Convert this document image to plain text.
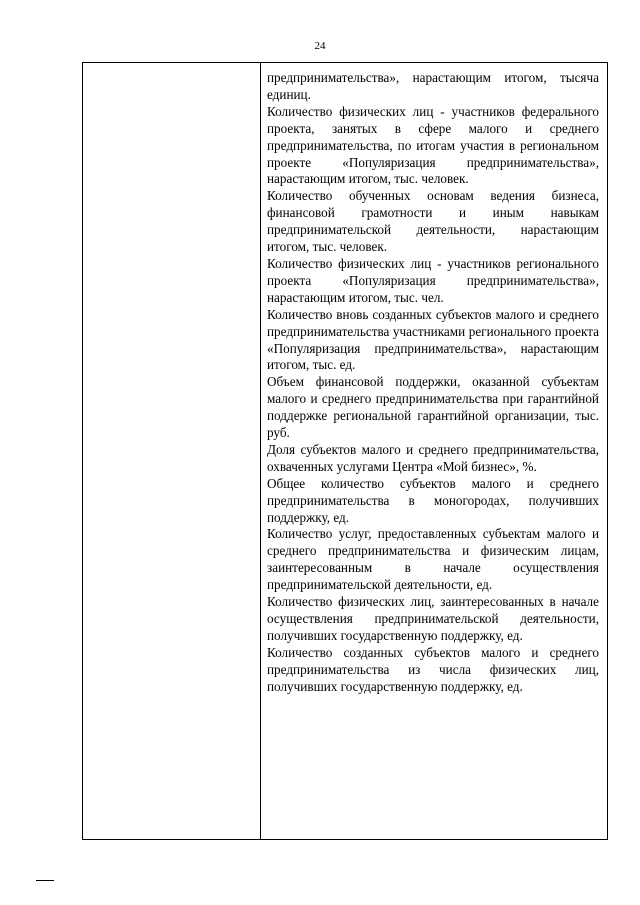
24

предпринимательства», нарастающим итогом, тысяча единиц.

Количество физических лиц - участников федерального проекта, занятых в сфере малого и среднего предпринимательства, по итогам участия в региональном проекте «Популяризация предпринимательства», нарастающим итогом, тыс. человек.

Количество обученных основам ведения бизнеса, финансовой грамотности и иным навыкам предпринимательской деятельности, нарастающим итогом, тыс. человек.

Количество физических лиц - участников регионального проекта «Популяризация предпринимательства», нарастающим итогом, тыс. чел.

Количество вновь созданных субъектов малого и среднего предпринимательства участниками регионального проекта «Популяризация предпринимательства», нарастающим итогом, тыс. ед.

Объем финансовой поддержки, оказанной субъектам малого и среднего предпринимательства при гарантийной поддержке региональной гарантийной организации, тыс. руб.

Доля субъектов малого и среднего предпринимательства, охваченных услугами Центра «Мой бизнес», %.

Общее количество субъектов малого и среднего предпринимательства в моногородах, получивших поддержку, ед.

Количество услуг, предоставленных субъектам малого и среднего предпринимательства и физическим лицам, заинтересованным в начале осуществления предпринимательской деятельности, ед.

Количество физических лиц, заинтересованных в начале осуществления предпринимательской деятельности, получивших государственную поддержку, ед.

Количество созданных субъектов малого и среднего предпринимательства из числа физических лиц, получивших государственную поддержку, ед.
